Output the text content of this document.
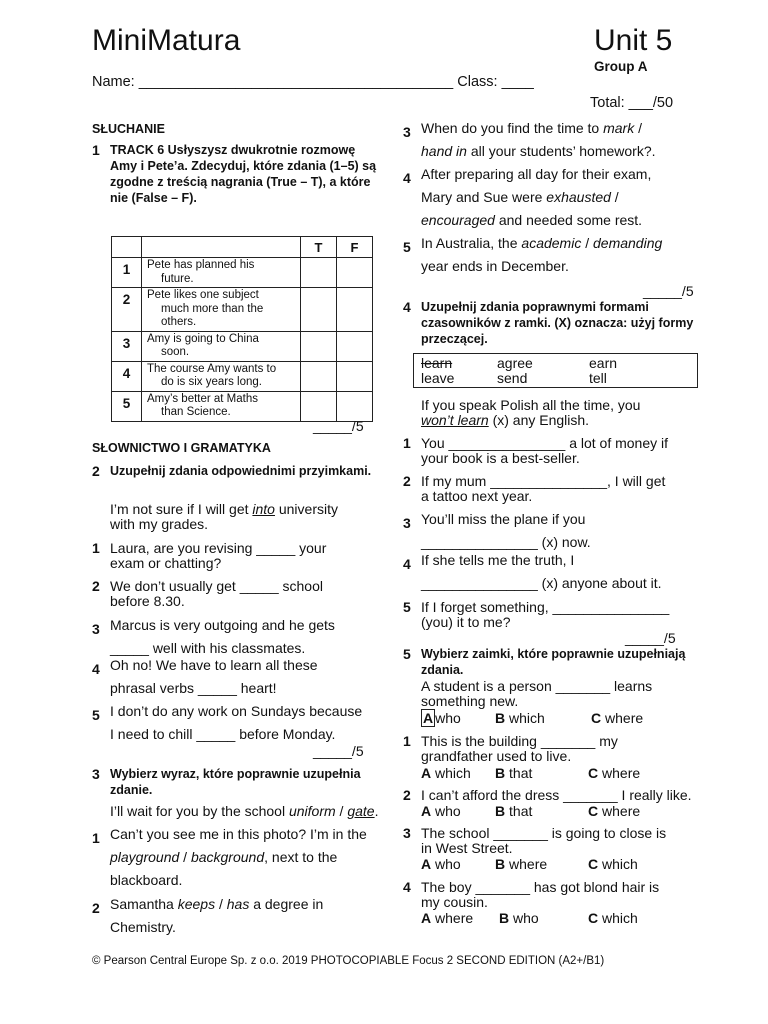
MiniMatura	Unit 5
Group A
Name: _______________________________________ Class: ____
Total: ___/50
SŁUCHANIE
1 TRACK 6 Usłyszysz dwukrotnie rozmowę Amy i Pete’a. Zdecyduj, które zdania (1–5) są zgodne z treścią nagrania (True – T), a które nie (False – F).
		T	F
1	Pete has planned his
future.		

2	Pete likes one subject
much more than the
others.		

3	Amy is going to China
soon.		

4	The course Amy wants to
do is six years long.		

5	Amy’s better at Maths
than Science.		

_____/5
SŁOWNICTWO I GRAMATYKA
2 Uzupełnij zdania odpowiednimi przyimkami.
I’m not sure if I will get into university
with my grades.
1 Laura, are you revising _____ your
exam or chatting?
2 We don’t usually get _____ school
before 8.30.
3 Marcus is very outgoing and he gets
_____ well with his classmates.
4 Oh no! We have to learn all these
phrasal verbs _____ heart!
5 I don’t do any work on Sundays because
I need to chill _____ before Monday.
_____/5
3 Wybierz wyraz, które poprawnie uzupełnia zdanie.
I’ll wait for you by the school uniform / gate.
1 Can’t you see me in this photo? I’m in the
playground / background, next to the
blackboard.
2 Samantha keeps / has a degree in
Chemistry.
3 When do you find the time to mark /
hand in all your students’ homework?.
4 After preparing all day for their exam,
Mary and Sue were exhausted /
encouraged and needed some rest.
5 In Australia, the academic / demanding
year ends in December.
_____/5
4 Uzupełnij zdania poprawnymi formami czasowników z ramki. (X) oznacza: użyj formy przeczącej.
learn	agree	earn
leave	send	tell
If you speak Polish all the time, you
won’t learn (x) any English.
1 You _______________ a lot of money if
your book is a best-seller.
2 If my mum _______________, I will get
a tattoo next year.
3 You’ll miss the plane if you
_______________ (x) now.
4 If she tells me the truth, I
_______________ (x) anyone about it.
5 If I forget something, _______________
(you) it to me?
_____/5
5 Wybierz zaimki, które poprawnie uzupełniają zdania.
A student is a person _______ learns
something new.
A who B which	C where
1 This is the building _______ my
grandfather used to live.
A which B that	C where
2 I can’t afford the dress _______ I really like.
A who B that	C where
3 The school _______ is going to close is
in West Street.
A who B where	C which
4 The boy _______ has got blond hair is
my cousin.
A where B who	C which
© Pearson Central Europe Sp. z o.o. 2019 PHOTOCOPIABLE Focus 2 SECOND EDITION (A2+/B1)
